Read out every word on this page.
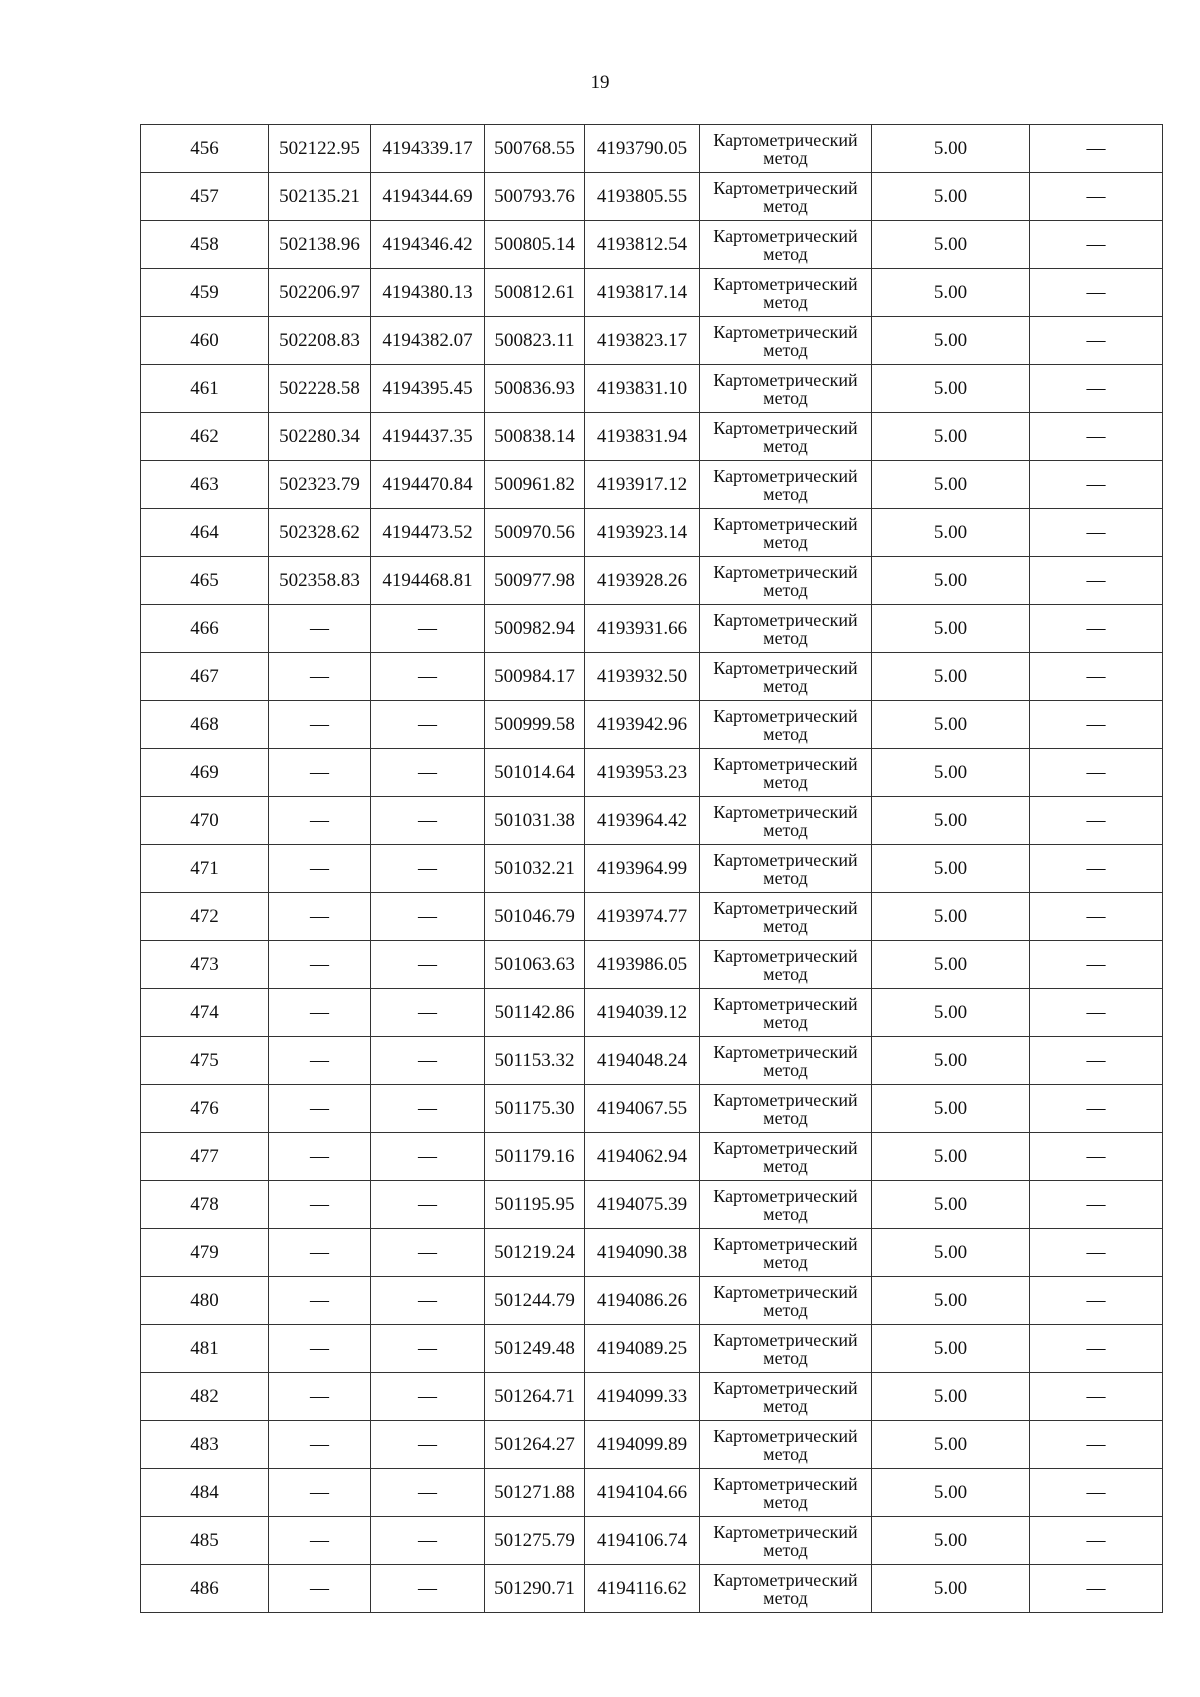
19
456	502122.95	4194339.17	500768.55	4193790.05	Картометрический
метод	5.00	—
457	502135.21	4194344.69	500793.76	4193805.55	Картометрический
метод	5.00	—
458	502138.96	4194346.42	500805.14	4193812.54	Картометрический
метод	5.00	—
459	502206.97	4194380.13	500812.61	4193817.14	Картометрический
метод	5.00	—
460	502208.83	4194382.07	500823.11	4193823.17	Картометрический
метод	5.00	—
461	502228.58	4194395.45	500836.93	4193831.10	Картометрический
метод	5.00	—
462	502280.34	4194437.35	500838.14	4193831.94	Картометрический
метод	5.00	—
463	502323.79	4194470.84	500961.82	4193917.12	Картометрический
метод	5.00	—
464	502328.62	4194473.52	500970.56	4193923.14	Картометрический
метод	5.00	—
465	502358.83	4194468.81	500977.98	4193928.26	Картометрический
метод	5.00	—
466	—	—	500982.94	4193931.66	Картометрический
метод	5.00	—
467	—	—	500984.17	4193932.50	Картометрический
метод	5.00	—
468	—	—	500999.58	4193942.96	Картометрический
метод	5.00	—
469	—	—	501014.64	4193953.23	Картометрический
метод	5.00	—
470	—	—	501031.38	4193964.42	Картометрический
метод	5.00	—
471	—	—	501032.21	4193964.99	Картометрический
метод	5.00	—
472	—	—	501046.79	4193974.77	Картометрический
метод	5.00	—
473	—	—	501063.63	4193986.05	Картометрический
метод	5.00	—
474	—	—	501142.86	4194039.12	Картометрический
метод	5.00	—
475	—	—	501153.32	4194048.24	Картометрический
метод	5.00	—
476	—	—	501175.30	4194067.55	Картометрический
метод	5.00	—
477	—	—	501179.16	4194062.94	Картометрический
метод	5.00	—
478	—	—	501195.95	4194075.39	Картометрический
метод	5.00	—
479	—	—	501219.24	4194090.38	Картометрический
метод	5.00	—
480	—	—	501244.79	4194086.26	Картометрический
метод	5.00	—
481	—	—	501249.48	4194089.25	Картометрический
метод	5.00	—
482	—	—	501264.71	4194099.33	Картометрический
метод	5.00	—
483	—	—	501264.27	4194099.89	Картометрический
метод	5.00	—
484	—	—	501271.88	4194104.66	Картометрический
метод	5.00	—
485	—	—	501275.79	4194106.74	Картометрический
метод	5.00	—
486	—	—	501290.71	4194116.62	Картометрический
метод	5.00	—
